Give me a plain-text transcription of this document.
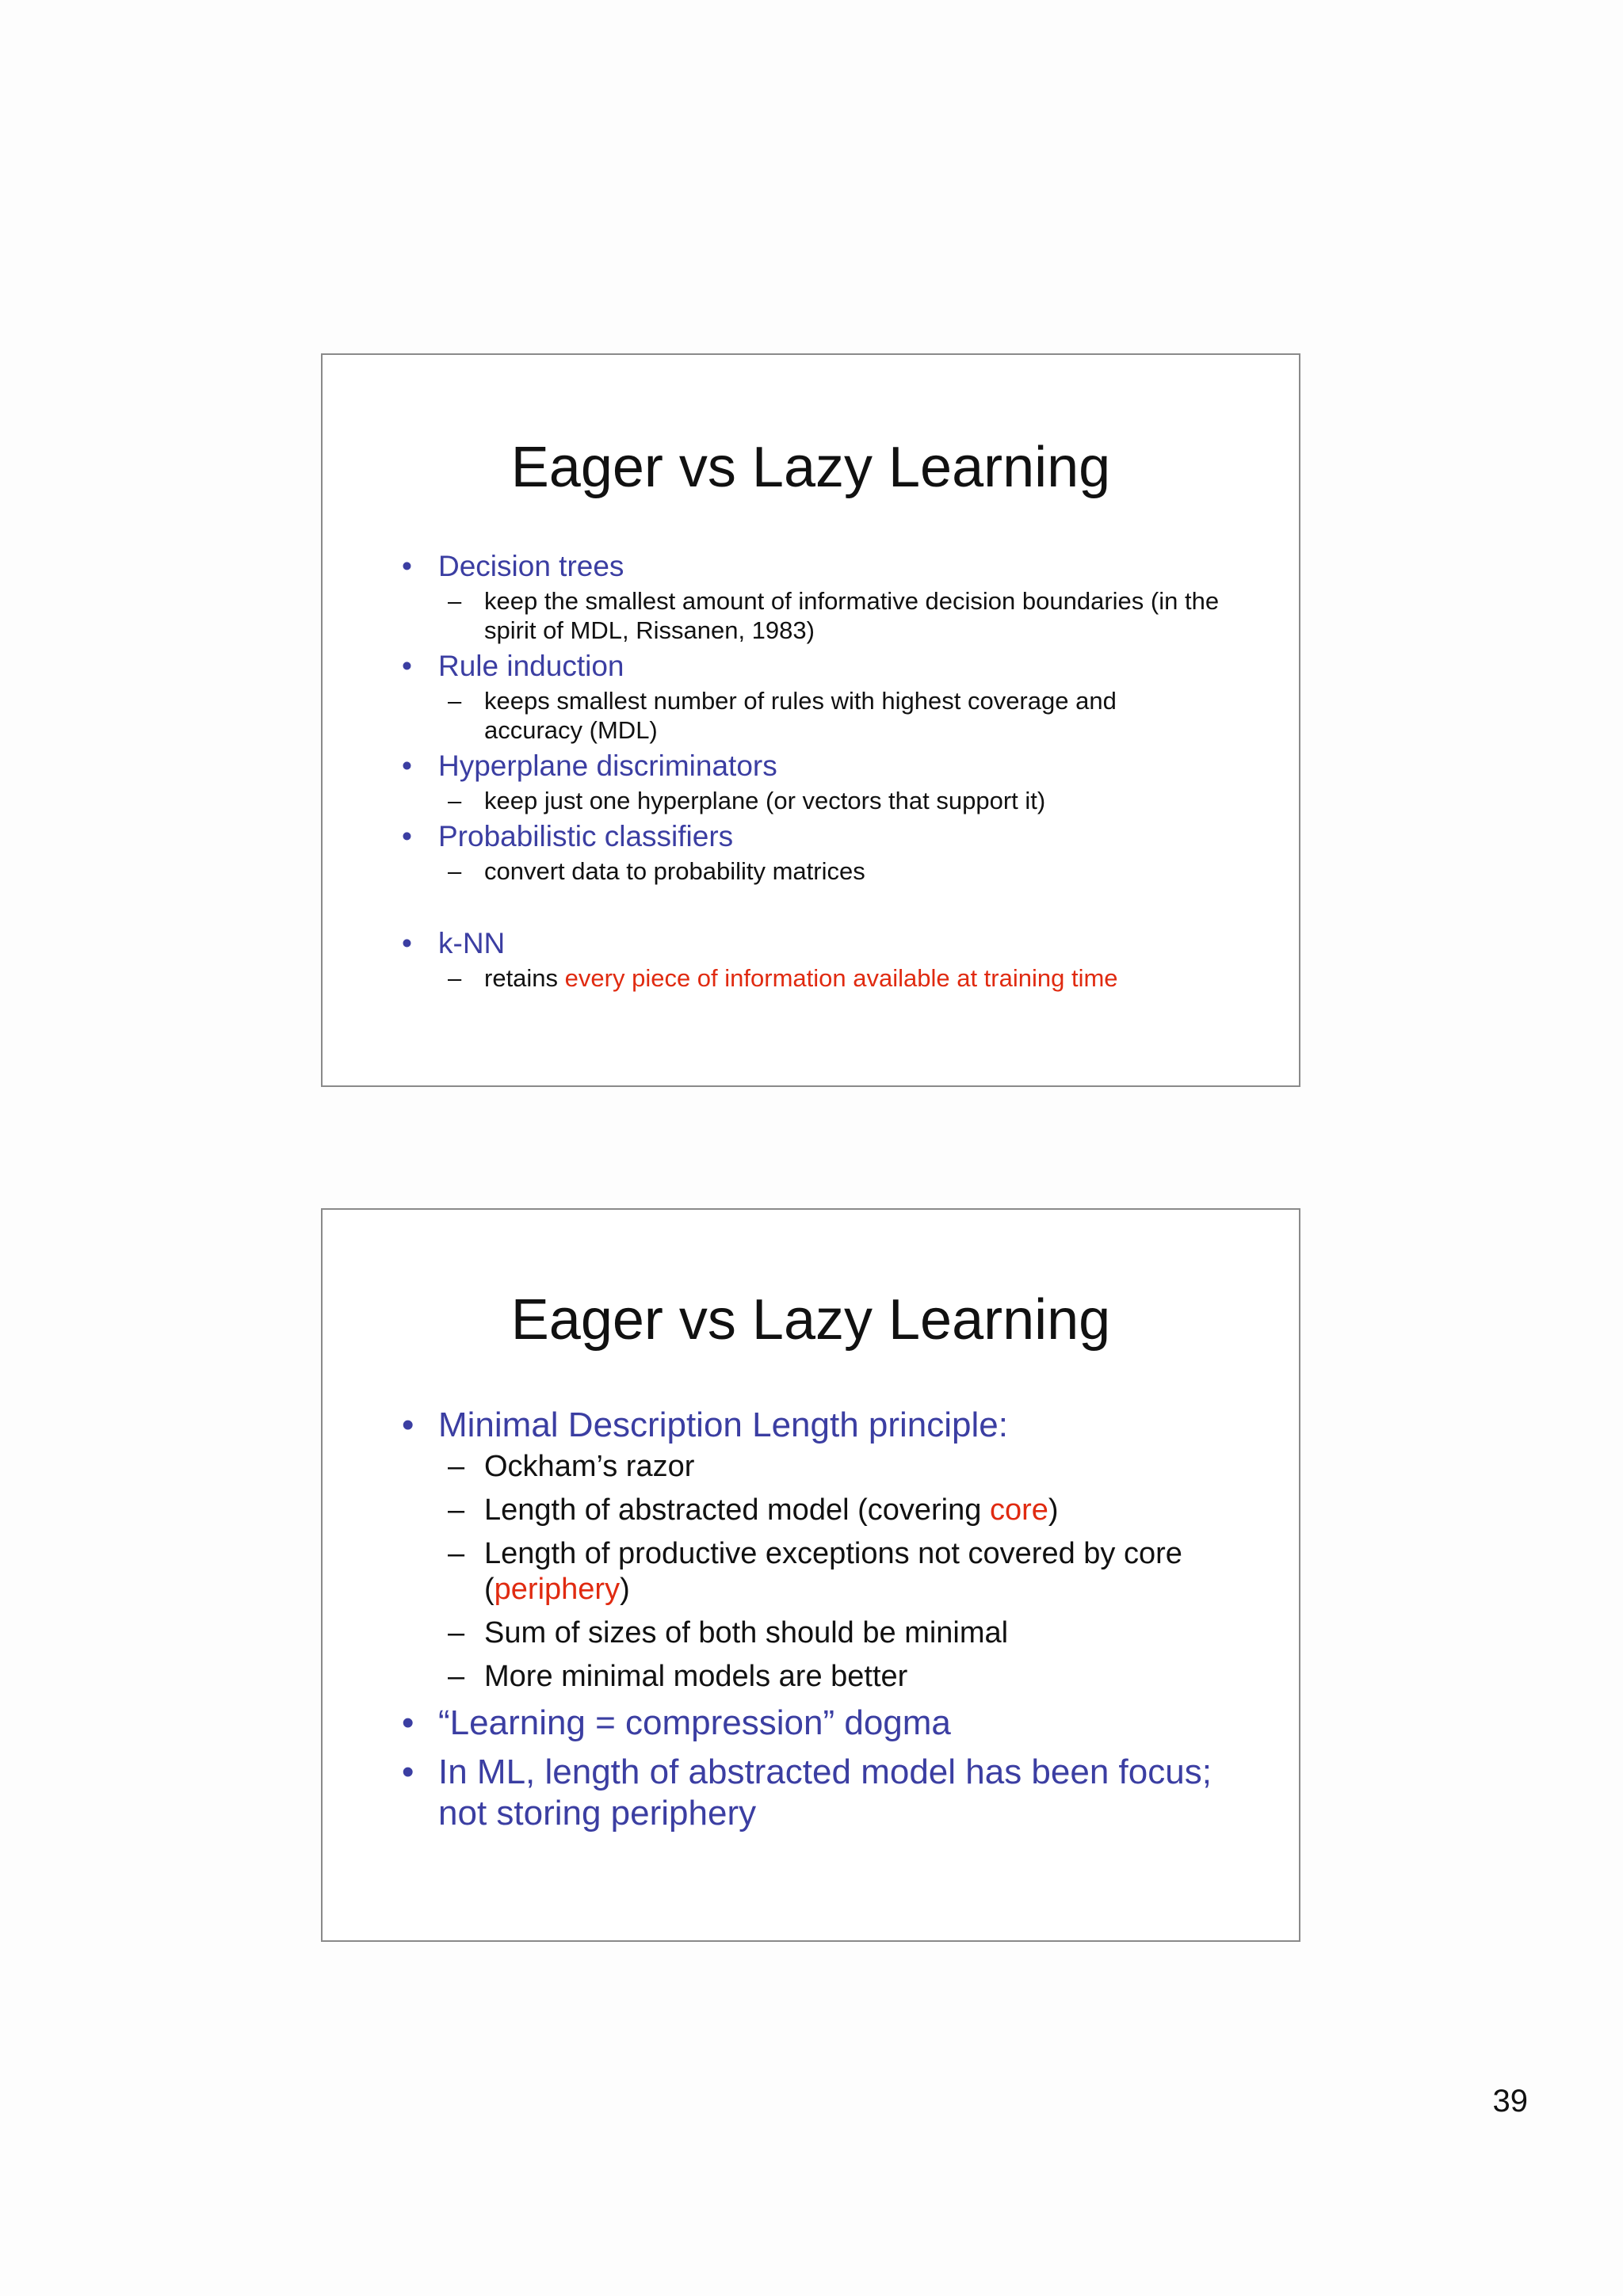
Eager vs Lazy Learning
• Decision trees
– keep the smallest amount of informative decision boundaries (in the spirit of MDL, Rissanen, 1983)
• Rule induction
– keeps smallest number of rules with highest coverage and accuracy (MDL)
• Hyperplane discriminators
– keep just one hyperplane (or vectors that support it)
• Probabilistic classifiers
– convert data to probability matrices
• k-NN
– retains every piece of information available at training time
Eager vs Lazy Learning
• Minimal Description Length principle:
– Ockham’s razor
– Length of abstracted model (covering core)
– Length of productive exceptions not covered by core (periphery)
– Sum of sizes of both should be minimal
– More minimal models are better
• “Learning = compression” dogma
• In ML, length of abstracted model has been focus; not storing periphery
39
